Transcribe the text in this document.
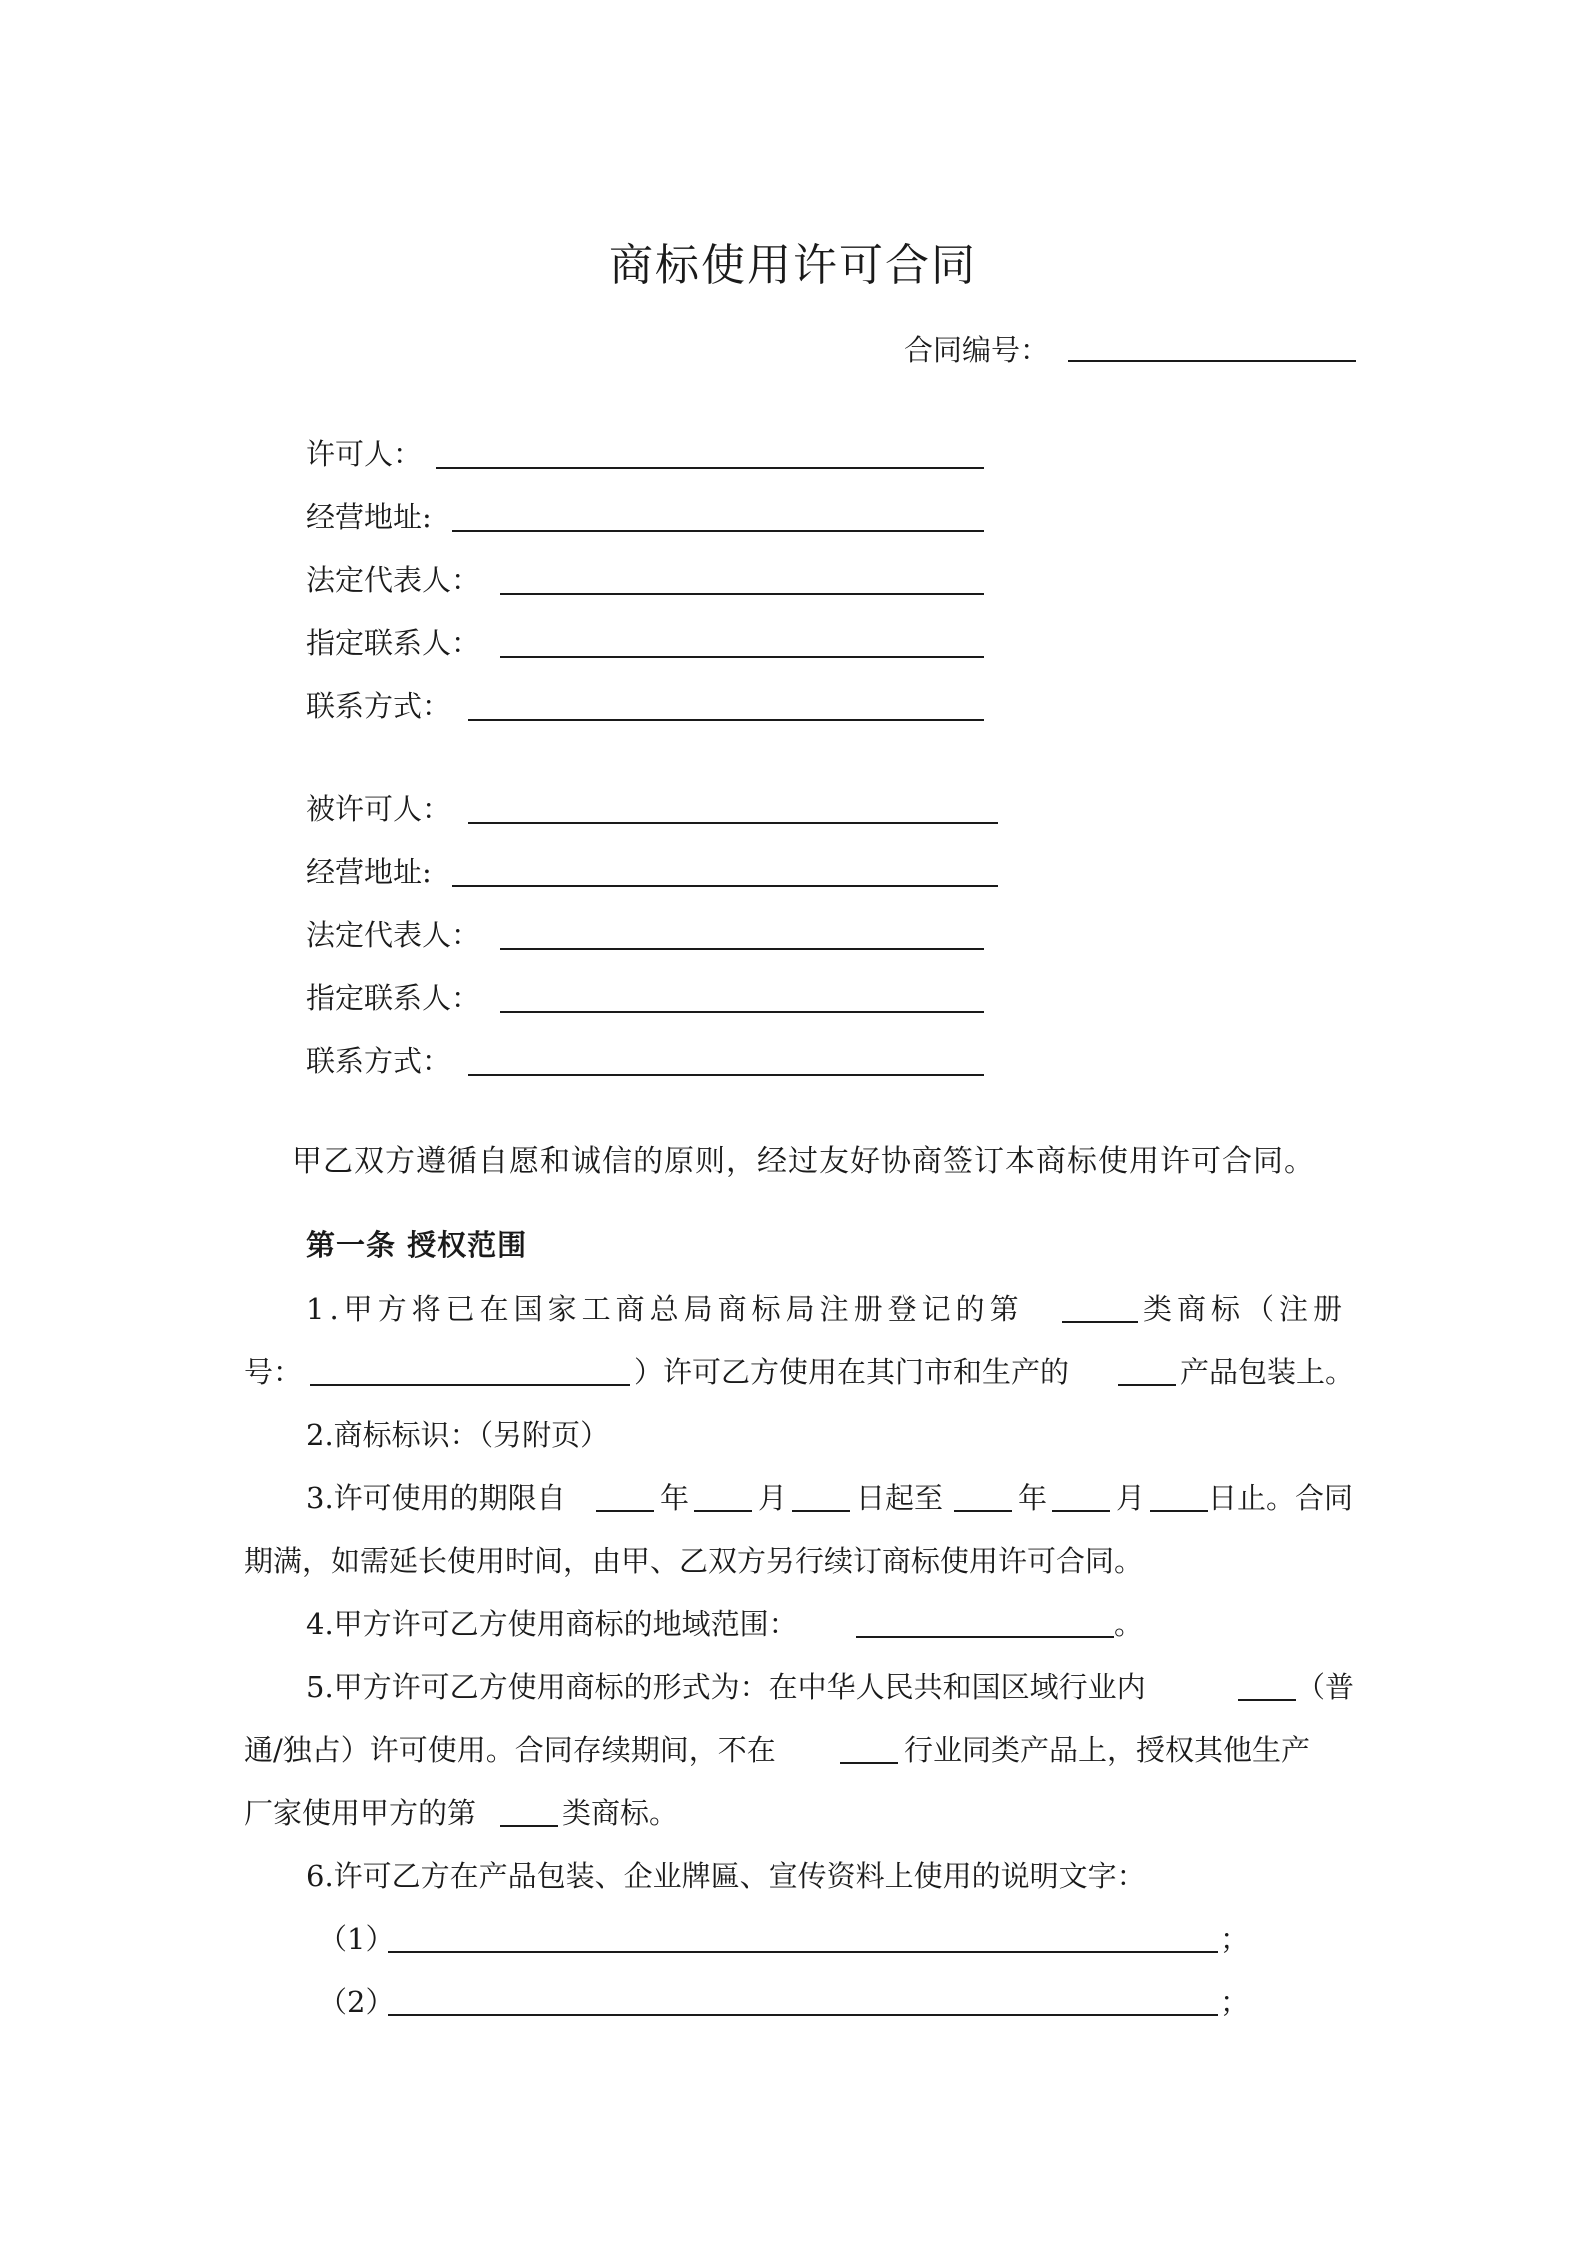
商标使用许可合同
合同编号：
许可人：
经营地址:
法定代表人：
指定联系人：
联系方式：
被许可人：
经营地址:
法定代表人：
指定联系人：
联系方式：
甲乙双方遵循自愿和诚信的原则，经过友好协商签订本商标使用许可合同。
第一条 授权范围
1.甲方将已在国家工商总局商标局注册登记的第	类商标（注册
号：	）许可乙方使用在其门市和生产的	产品包装上。
2.商标标识：（另附页）
3.许可使用的期限自	年 月 日起至	年 月 日止。合同
期满，如需延长使用时间，由甲、乙双方另行续订商标使用许可合同。
4.甲方许可乙方使用商标的地域范围：	。
5.甲方许可乙方使用商标的形式为：在中华人民共和国区域行业内	（普
通/独占）许可使用。合同存续期间，不在	行业同类产品上，授权其他生产
厂家使用甲方的第	类商标。
6.许可乙方在产品包装、企业牌匾、宣传资料上使用的说明文字：
（1）	；
（2）	；
